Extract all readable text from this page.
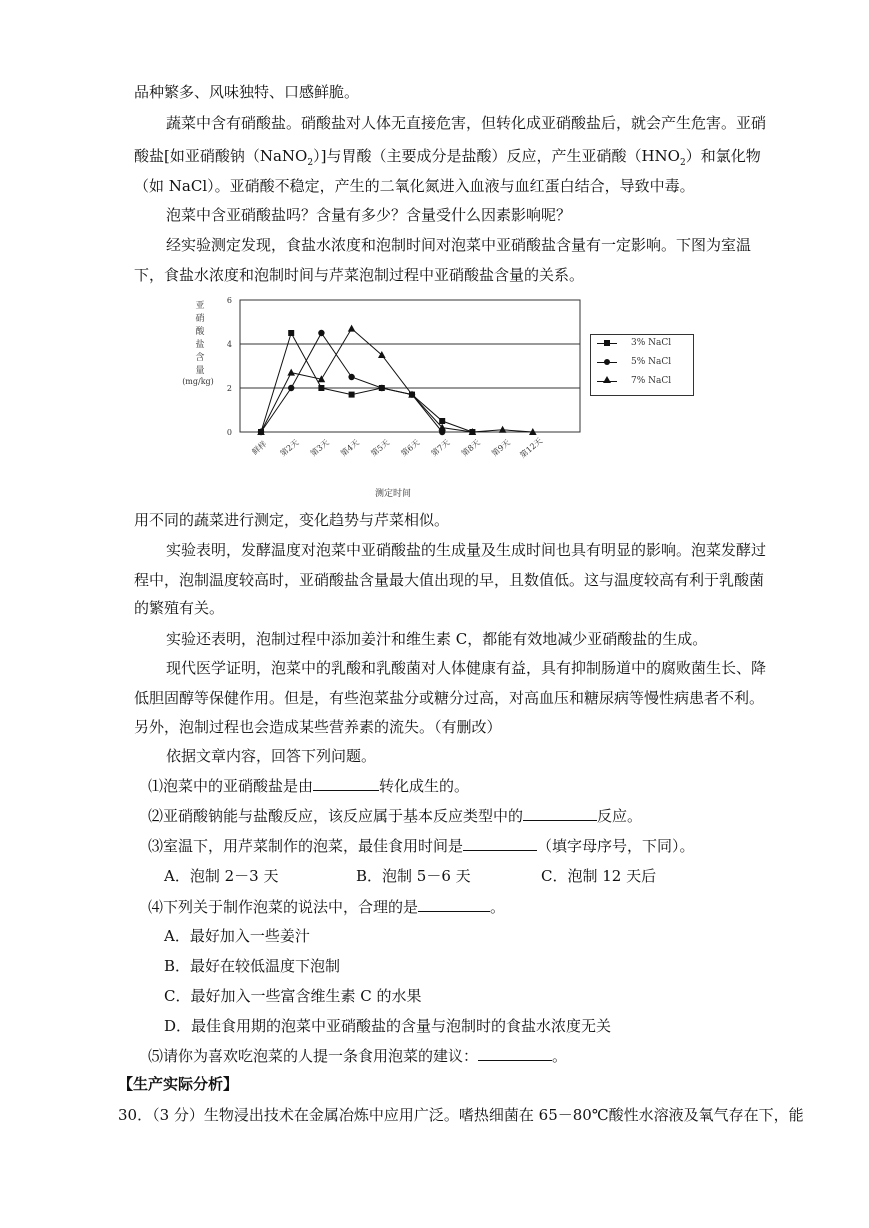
品种繁多、风味独特、口感鲜脆。
蔬菜中含有硝酸盐。硝酸盐对人体无直接危害，但转化成亚硝酸盐后，就会产生危害。亚硝
酸盐[如亚硝酸钠（NaNO$_2$）]与胃酸（主要成分是盐酸）反应，产生亚硝酸$(HNO_2)$和氯化物
（如 NaCl）。亚硝酸不稳定，产生的二氧化氮进入血液与血红蛋白结合，导致中毒。
泡菜中含亚硝酸盐吗？含量有多少？含量受什么因素影响呢？
经实验测定发现，食盐水浓度和泡制时间对泡菜中亚硝酸盐含量有一定影响。下图为室温
下，食盐水浓度和泡制时间与芹菜泡制过程中亚硝酸盐含量的关系。
0
2
4
6
亚
硝
酸
盐
含
量
(mg/kg)
鲜样 第2天 第3天 第4天 第5天 第6天 第7天 第8天 第9天 第12天
测定时间
用不同的蔬菜进行测定，变化趋势与芹菜相似。
实验表明，发酵温度对泡菜中亚硝酸盐的生成量及生成时间也具有明显的影响。泡菜发酵过
程中，泡制温度较高时，亚硝酸盐含量最大值出现的早，且数值低。这与温度较高有利于乳酸菌
的繁殖有关。
实验还表明，泡制过程中添加姜汁和维生素 C，都能有效地减少亚硝酸盐的生成。
现代医学证明，泡菜中的乳酸和乳酸菌对人体健康有益，具有抑制肠道中的腐败菌生长、降
低胆固醇等保健作用。但是，有些泡菜盐分或糖分过高，对高血压和糖尿病等慢性病患者不利。
另外，泡制过程也会造成某些营养素的流失。（有删改）
依据文章内容，回答下列问题。
⑴泡菜中的亚硝酸盐是由	转化成生的。
⑵亚硝酸钠能与盐酸反应，该反应属于基本反应类型中的	反应。
⑶室温下，用芹菜制作的泡菜，最佳食用时间是	（填字母序号，下同）。
A．泡制 2－3 天	B．泡制 5－6 天	C．泡制 12 天后
⑷下列关于制作泡菜的说法中，合理的是	。
A．最好加入一些姜汁
B．最好在较低温度下泡制
C．最好加入一些富含维生素 C 的水果
D．最佳食用期的泡菜中亚硝酸盐的含量与泡制时的食盐水浓度无关
⑸请你为喜欢吃泡菜的人提一条食用泡菜的建议：	。
【生产实际分析】
30．（3 分）生物浸出技术在金属冶炼中应用广泛。嗜热细菌在 65－80℃酸性水溶液及氧气存在下，能
3% NaCl
5% NaCl
7% NaCl
